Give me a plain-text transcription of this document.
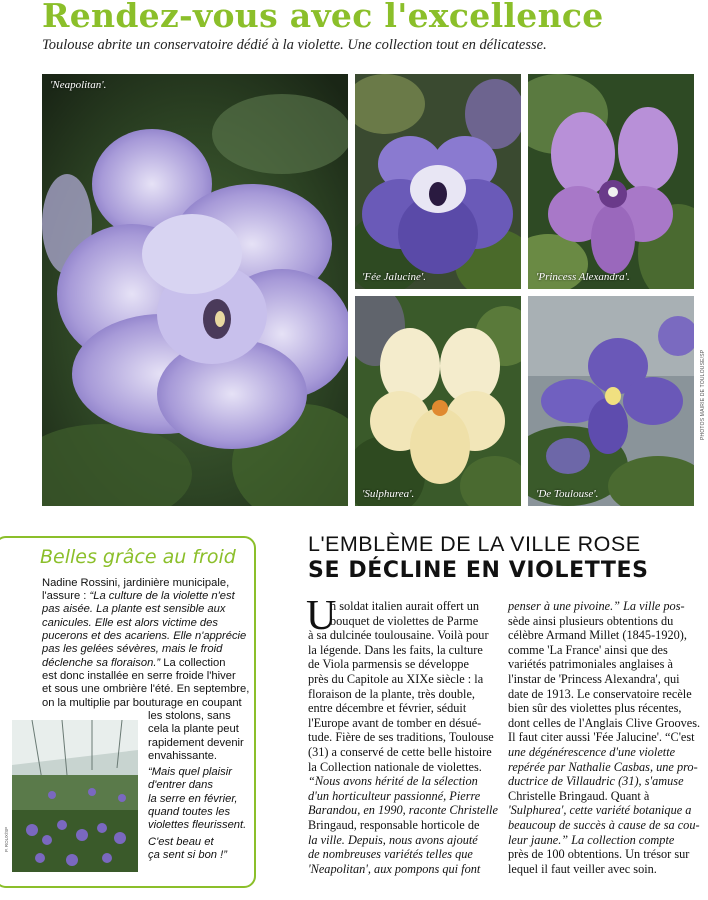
Rendez-vous avec l'excellence
Toulouse abrite un conservatoire dédié à la violette. Une collection tout en délicatesse.
'Neapolitan'.
'Fée Jalucine'.	'Princess Alexandra'.
'Sulphurea'.	'De Toulouse'.
PHOTOS MAIRIE DE TOULOUSE/SP
Belles grâce au froid
Nadine Rossini, jardinière municipale,
l'assure : “La culture de la violette n'est
pas aisée. La plante est sensible aux
canicules. Elle est alors victime des
pucerons et des acariens. Elle n'apprécie
pas les gelées sévères, mais le froid
déclenche sa floraison.” La collection
est donc installée en serre froide l'hiver
et sous une ombrière l'été. En septembre,
on la multiplie par bouturage en coupant
les stolons, sans
cela la plante peut
rapidement devenir
envahissante.
“Mais quel plaisir
d'entrer dans
la serre en février,
quand toutes les
violettes fleurissent.
C'est beau et
ça sent si bon !”
P. ROUX/SP
L'EMBLÈME DE LA VILLE ROSE
SE DÉCLINE EN VIOLETTES
U
n soldat italien aurait offert un
bouquet de violettes de Parme
à sa dulcinée toulousaine. Voilà pour
la légende. Dans les faits, la culture
de Viola parmensis se développe
près du Capitole au XIXe siècle : la
floraison de la plante, très double,
entre décembre et février, séduit
l'Europe avant de tomber en désué-
tude. Fière de ses traditions, Toulouse
(31) a conservé de cette belle histoire
la Collection nationale de violettes.
“Nous avons hérité de la sélection
d'un horticulteur passionné, Pierre
Barandou, en 1990, raconte Christelle
Bringaud, responsable horticole de
la ville. Depuis, nous avons ajouté
de nombreuses variétés telles que
'Neapolitan', aux pompons qui font
penser à une pivoine.” La ville pos-
sède ainsi plusieurs obtentions du
célèbre Armand Millet (1845-1920),
comme 'La France' ainsi que des
variétés patrimoniales anglaises à
l'instar de 'Princess Alexandra', qui
date de 1913. Le conservatoire recèle
bien sûr des violettes plus récentes,
dont celles de l'Anglais Clive Grooves.
Il faut citer aussi 'Fée Jalucine'. “C'est
une dégénérescence d'une violette
repérée par Nathalie Casbas, une pro-
ductrice de Villaudric (31), s'amuse
Christelle Bringaud. Quant à
'Sulphurea', cette variété botanique a
beaucoup de succès à cause de sa cou-
leur jaune.” La collection compte
près de 100 obtentions. Un trésor sur
lequel il faut veiller avec soin.
